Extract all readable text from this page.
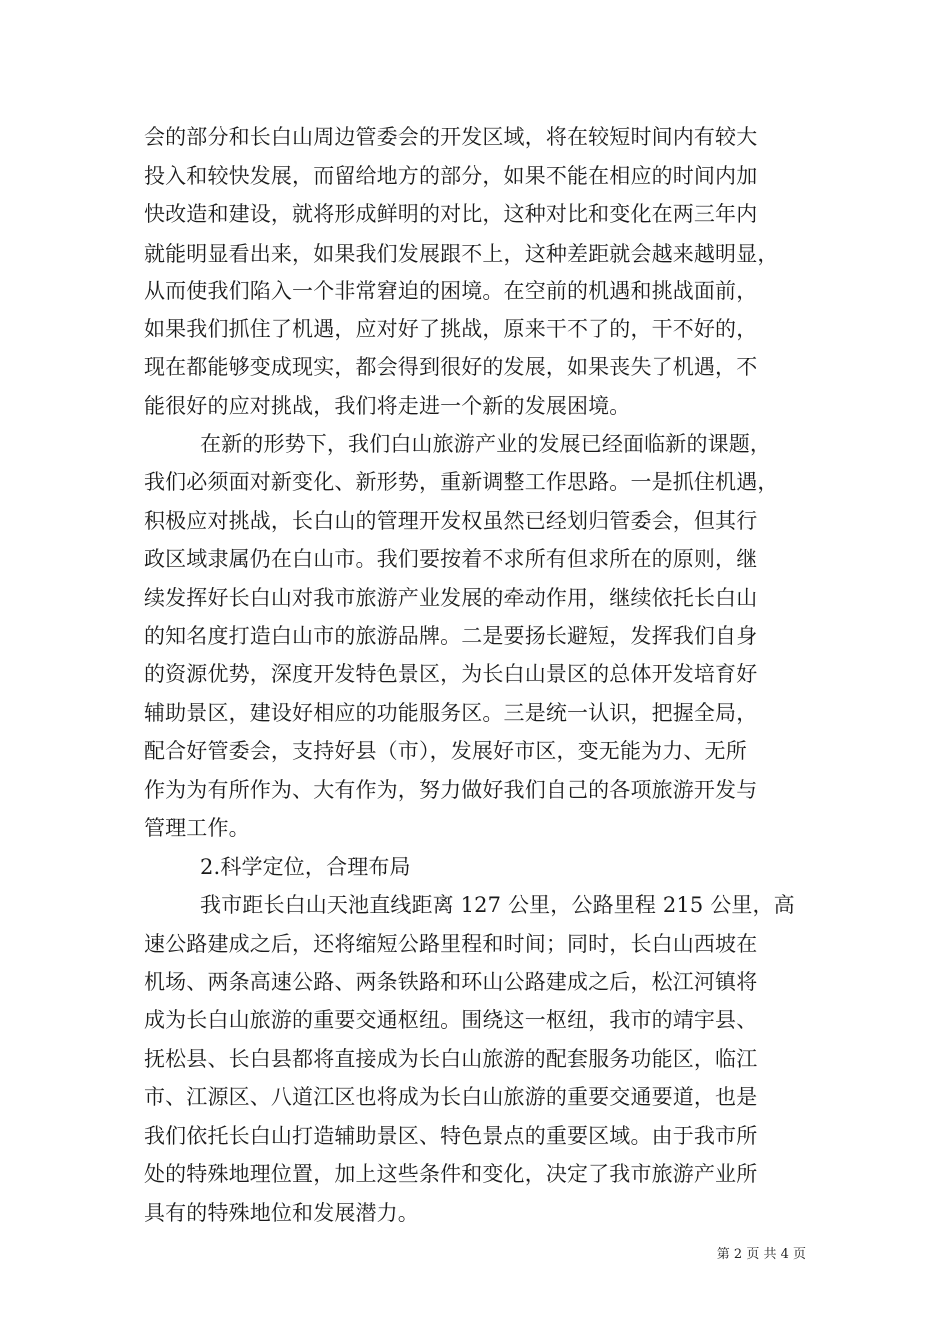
会的部分和长白山周边管委会的开发区域，将在较短时间内有较大
投入和较快发展，而留给地方的部分，如果不能在相应的时间内加
快改造和建设，就将形成鲜明的对比，这种对比和变化在两三年内
就能明显看出来，如果我们发展跟不上，这种差距就会越来越明显，
从而使我们陷入一个非常窘迫的困境。在空前的机遇和挑战面前，
如果我们抓住了机遇，应对好了挑战，原来干不了的，干不好的，
现在都能够变成现实，都会得到很好的发展，如果丧失了机遇，不
能很好的应对挑战，我们将走进一个新的发展困境。
在新的形势下，我们白山旅游产业的发展已经面临新的课题，
我们必须面对新变化、新形势，重新调整工作思路。一是抓住机遇，
积极应对挑战，长白山的管理开发权虽然已经划归管委会，但其行
政区域隶属仍在白山市。我们要按着不求所有但求所在的原则，继
续发挥好长白山对我市旅游产业发展的牵动作用，继续依托长白山
的知名度打造白山市的旅游品牌。二是要扬长避短，发挥我们自身
的资源优势，深度开发特色景区，为长白山景区的总体开发培育好
辅助景区，建设好相应的功能服务区。三是统一认识，把握全局，
配合好管委会，支持好县（市），发展好市区，变无能为力、无所
作为为有所作为、大有作为，努力做好我们自己的各项旅游开发与
管理工作。
2.科学定位，合理布局
我市距长白山天池直线距离 127 公里，公路里程 215 公里，高
速公路建成之后，还将缩短公路里程和时间；同时，长白山西坡在
机场、两条高速公路、两条铁路和环山公路建成之后，松江河镇将
成为长白山旅游的重要交通枢纽。围绕这一枢纽，我市的靖宇县、
抚松县、长白县都将直接成为长白山旅游的配套服务功能区，临江
市、江源区、八道江区也将成为长白山旅游的重要交通要道，也是
我们依托长白山打造辅助景区、特色景点的重要区域。由于我市所
处的特殊地理位置，加上这些条件和变化，决定了我市旅游产业所
具有的特殊地位和发展潜力。
第 2 页 共 4 页
